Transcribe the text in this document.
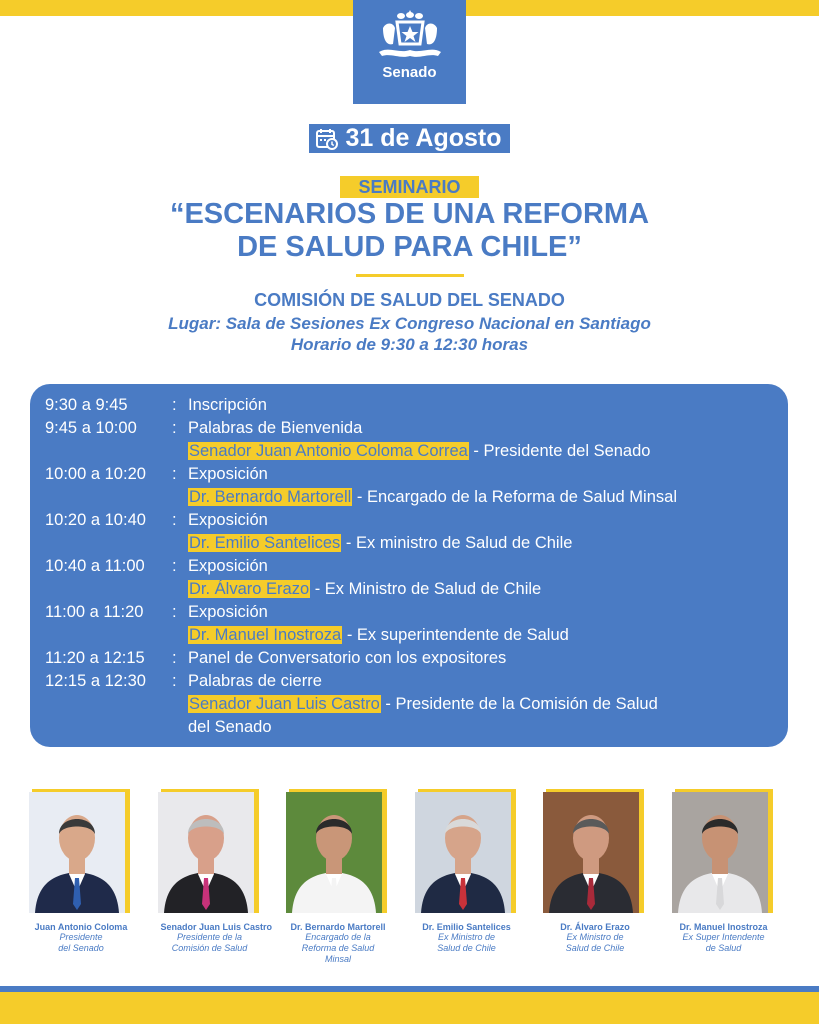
Senado
31 de Agosto
SEMINARIO
“ESCENARIOS DE UNA REFORMA
DE SALUD PARA CHILE”
COMISIÓN DE SALUD DEL SENADO
Lugar: Sala de Sesiones Ex Congreso Nacional en Santiago
Horario de 9:30 a 12:30 horas
9:30 a 9:45	: Inscripción
9:45 a 10:00 : Palabras de Bienvenida
Senador Juan Antonio Coloma Correa - Presidente del Senado
10:00 a 10:20 : Exposición
Dr. Bernardo Martorell - Encargado de la Reforma de Salud Minsal
10:20 a 10:40 : Exposición
Dr. Emilio Santelices - Ex ministro de Salud de Chile
10:40 a 11:00 : Exposición
Dr. Álvaro Erazo - Ex Ministro de Salud de Chile
11:00 a 11:20 : Exposición
Dr. Manuel Inostroza - Ex superintendente de Salud
11:20 a 12:15 : Panel de Conversatorio con los expositores
12:15 a 12:30 : Palabras de cierre
Senador Juan Luis Castro - Presidente de la Comisión de Salud
del Senado
Juan Antonio Coloma
Presidente
del Senado
Senador Juan Luis Castro
Presidente de la
Comisión de Salud
Dr. Bernardo Martorell
Encargado de la
Reforma de Salud Minsal
Dr. Emilio Santelices
Ex Ministro de
Salud de Chile
Dr. Álvaro Erazo
Ex Ministro de
Salud de Chile
Dr. Manuel Inostroza
Ex Super Intendente
de Salud
